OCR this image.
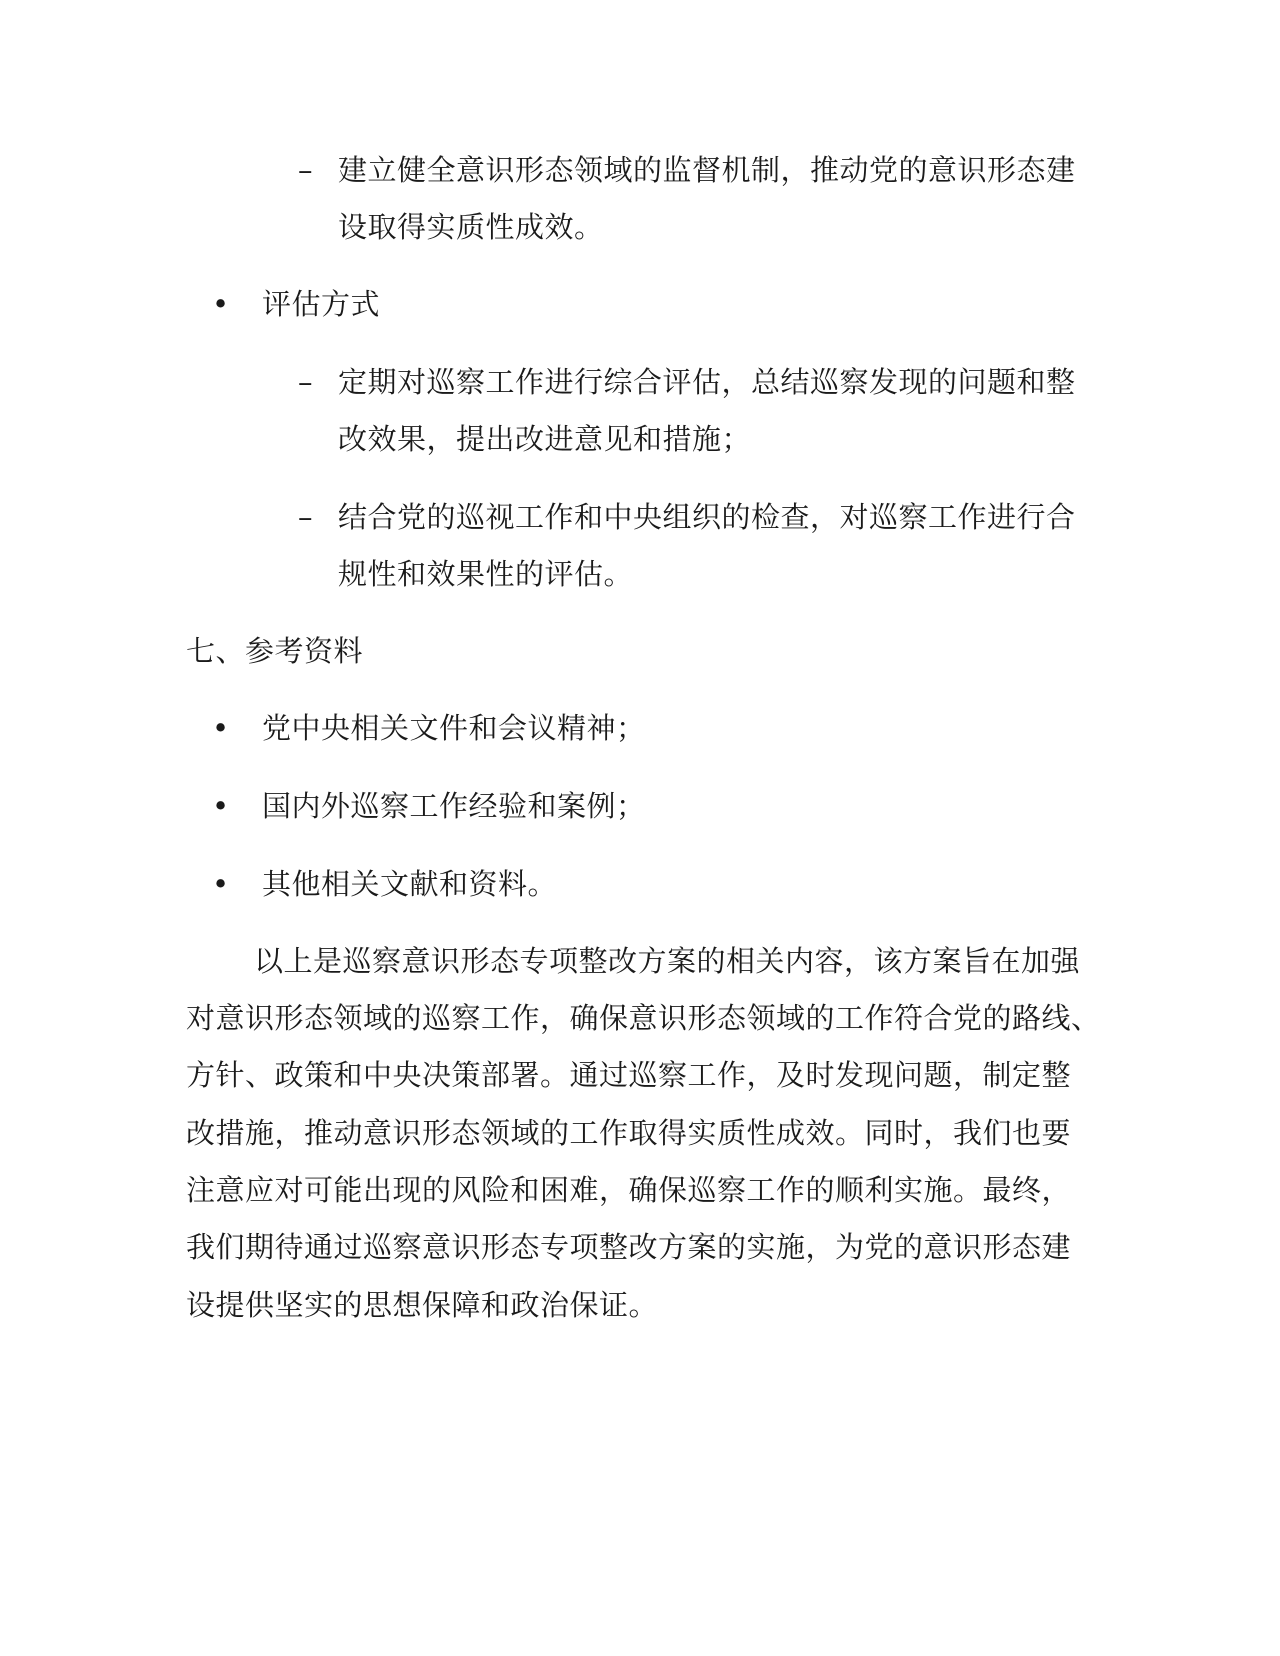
– 建立健全意识形态领域的监督机制，推动党的意识形态建
设取得实质性成效。
• 评估方式
– 定期对巡察工作进行综合评估，总结巡察发现的问题和整
改效果，提出改进意见和措施；
– 结合党的巡视工作和中央组织的检查，对巡察工作进行合
规性和效果性的评估。
七、参考资料
• 党中央相关文件和会议精神；
• 国内外巡察工作经验和案例；
• 其他相关文献和资料。
以上是巡察意识形态专项整改方案的相关内容，该方案旨在加强
对意识形态领域的巡察工作，确保意识形态领域的工作符合党的路线、
方针、政策和中央决策部署。通过巡察工作，及时发现问题，制定整
改措施，推动意识形态领域的工作取得实质性成效。同时，我们也要
注意应对可能出现的风险和困难，确保巡察工作的顺利实施。最终，
我们期待通过巡察意识形态专项整改方案的实施，为党的意识形态建
设提供坚实的思想保障和政治保证。
